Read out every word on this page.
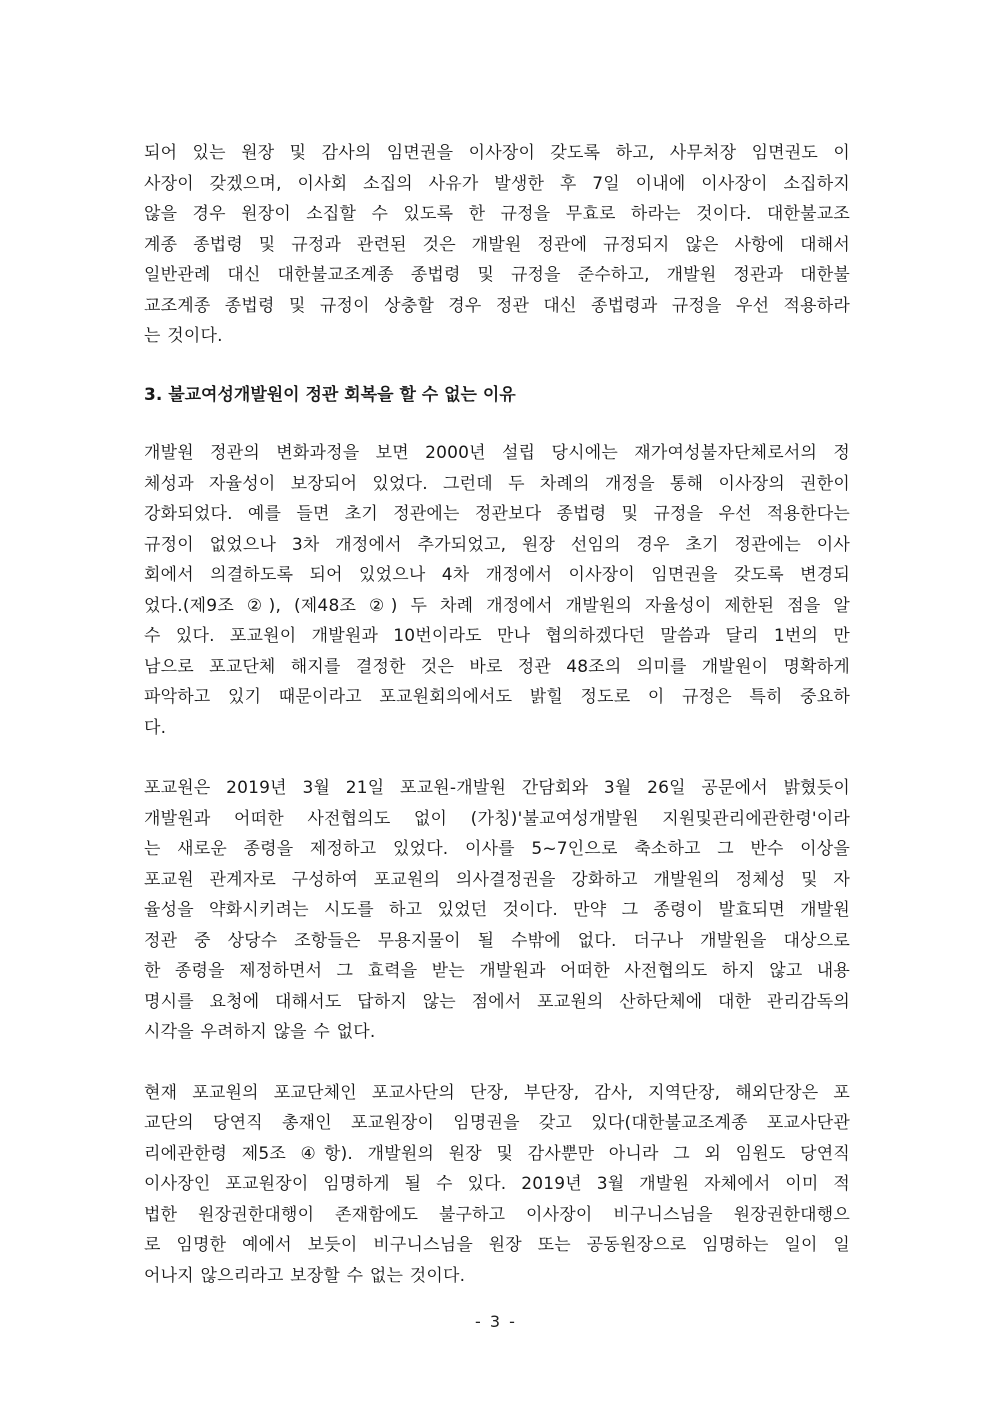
되어 있는 원장 및 감사의 임면권을 이사장이 갖도록 하고, 사무처장 임면권도 이
사장이 갖겠으며, 이사회 소집의 사유가 발생한 후 7일 이내에 이사장이 소집하지
않을 경우 원장이 소집할 수 있도록 한 규정을 무효로 하라는 것이다. 대한불교조
계종 종법령 및 규정과 관련된 것은 개발원 정관에 규정되지 않은 사항에 대해서
일반관례 대신 대한불교조계종 종법령 및 규정을 준수하고, 개발원 정관과 대한불
교조계종 종법령 및 규정이 상충할 경우 정관 대신 종법령과 규정을 우선 적용하라
는 것이다.

3. 불교여성개발원이 정관 회복을 할 수 없는 이유

개발원 정관의 변화과정을 보면 2000년 설립 당시에는 재가여성불자단체로서의 정
체성과 자율성이 보장되어 있었다. 그런데 두 차례의 개정을 통해 이사장의 권한이
강화되었다. 예를 들면 초기 정관에는 정관보다 종법령 및 규정을 우선 적용한다는
규정이 없었으나 3차 개정에서 추가되었고, 원장 선임의 경우 초기 정관에는 이사
회에서 의결하도록 되어 있었으나 4차 개정에서 이사장이 임면권을 갖도록 변경되
었다.(제9조 ②), (제48조 ②) 두 차례 개정에서 개발원의 자율성이 제한된 점을 알
수 있다. 포교원이 개발원과 10번이라도 만나 협의하겠다던 말씀과 달리 1번의 만
남으로 포교단체 해지를 결정한 것은 바로 정관 48조의 의미를 개발원이 명확하게
파악하고 있기 때문이라고 포교원회의에서도 밝힐 정도로 이 규정은 특히 중요하
다.

포교원은 2019년 3월 21일 포교원-개발원 간담회와 3월 26일 공문에서 밝혔듯이
개발원과 어떠한 사전협의도 없이 (가칭)'불교여성개발원 지원및관리에관한령'이라
는 새로운 종령을 제정하고 있었다. 이사를 5~7인으로 축소하고 그 반수 이상을
포교원 관계자로 구성하여 포교원의 의사결정권을 강화하고 개발원의 정체성 및 자
율성을 약화시키려는 시도를 하고 있었던 것이다. 만약 그 종령이 발효되면 개발원
정관 중 상당수 조항들은 무용지물이 될 수밖에 없다. 더구나 개발원을 대상으로
한 종령을 제정하면서 그 효력을 받는 개발원과 어떠한 사전협의도 하지 않고 내용
명시를 요청에 대해서도 답하지 않는 점에서 포교원의 산하단체에 대한 관리감독의
시각을 우려하지 않을 수 없다.

현재 포교원의 포교단체인 포교사단의 단장, 부단장, 감사, 지역단장, 해외단장은 포
교단의 당연직 총재인 포교원장이 임명권을 갖고 있다(대한불교조계종 포교사단관
리에관한령 제5조 ④항). 개발원의 원장 및 감사뿐만 아니라 그 외 임원도 당연직
이사장인 포교원장이 임명하게 될 수 있다. 2019년 3월 개발원 자체에서 이미 적
법한 원장권한대행이 존재함에도 불구하고 이사장이 비구니스님을 원장권한대행으
로 임명한 예에서 보듯이 비구니스님을 원장 또는 공동원장으로 임명하는 일이 일
어나지 않으리라고 보장할 수 없는 것이다.

- 3 -
